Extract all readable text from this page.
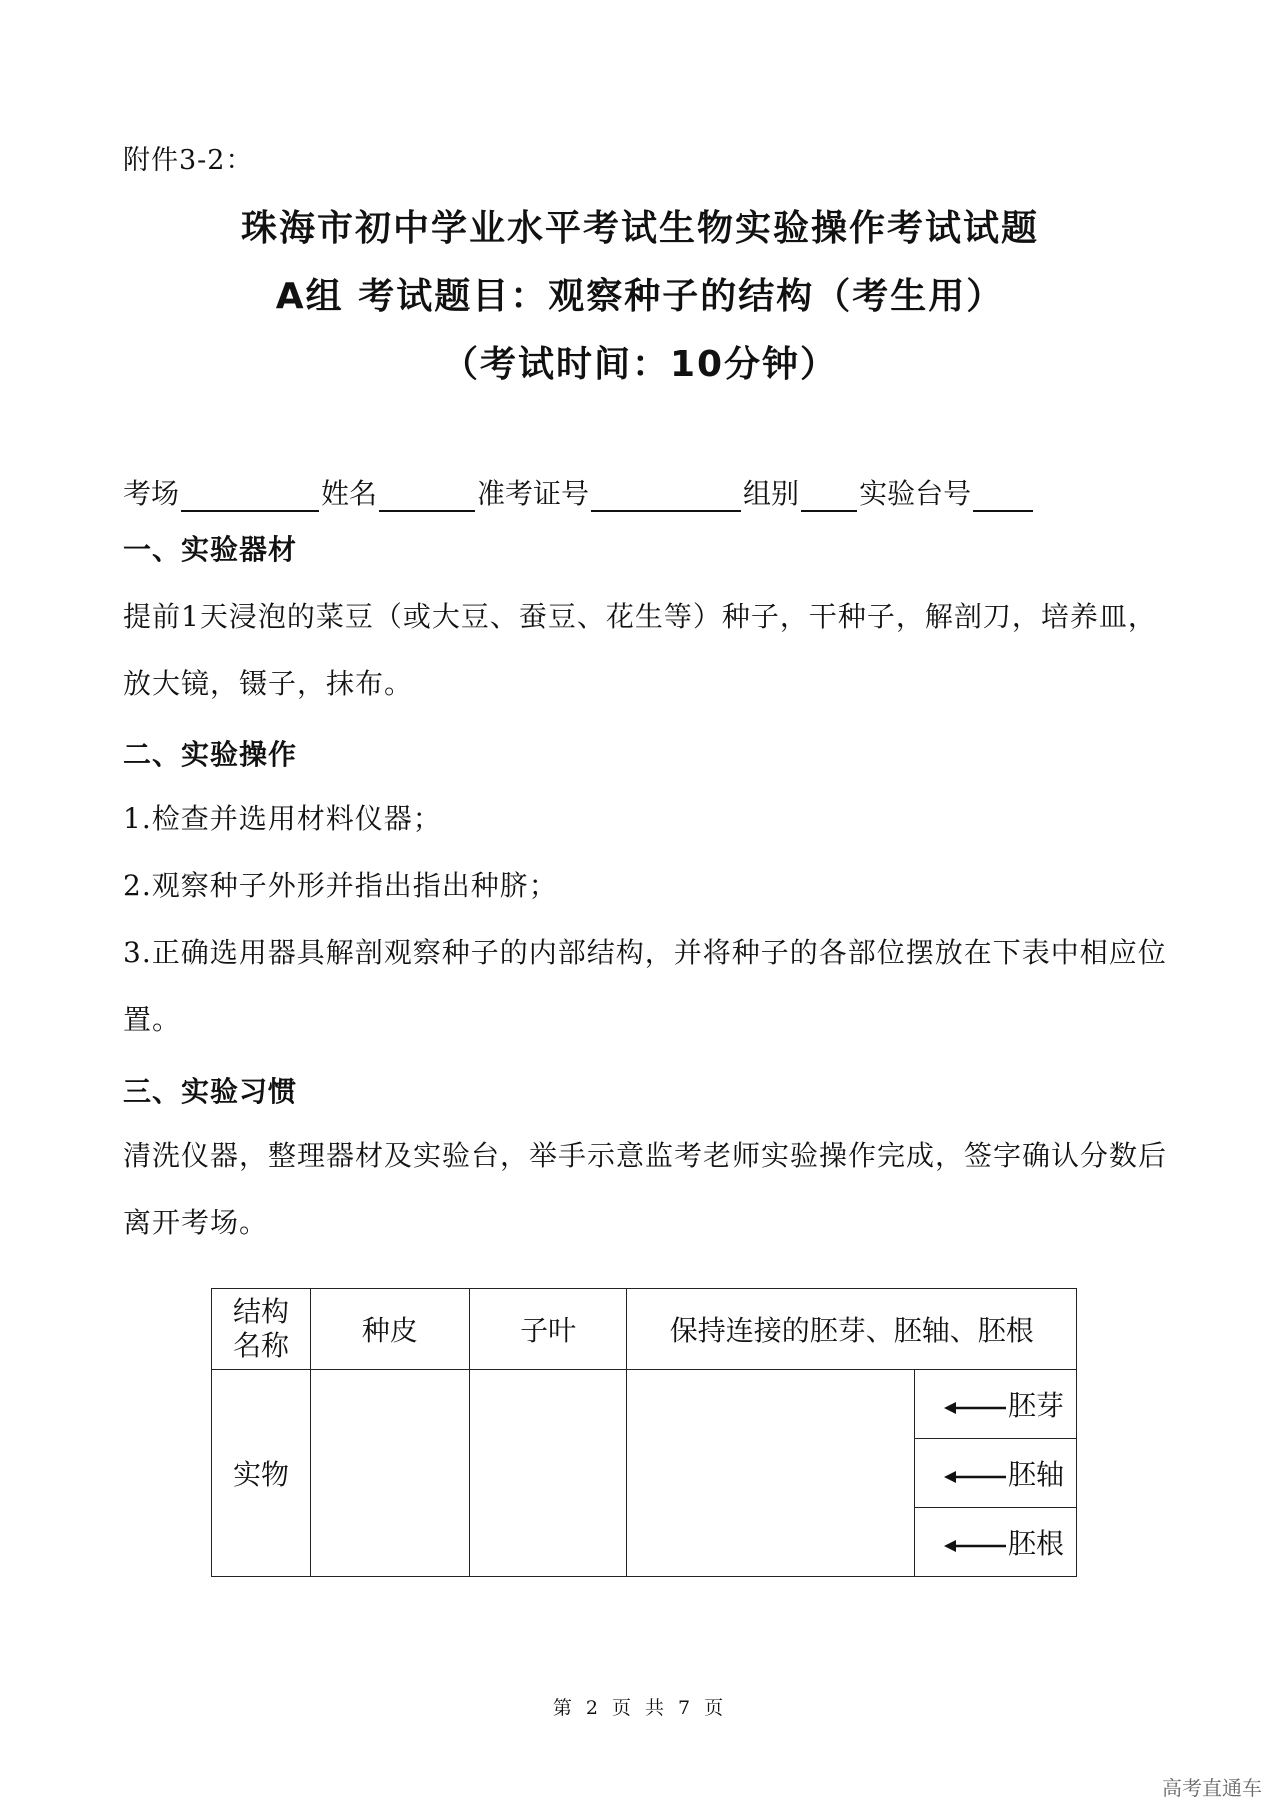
附件3-2：
珠海市初中学业水平考试生物实验操作考试试题
A组 考试题目：观察种子的结构（考生用）
（考试时间：10分钟）
考场	姓名	准考证号	组别 实验台号
一、实验器材
提前1天浸泡的菜豆（或大豆、蚕豆、花生等）种子，干种子，解剖刀，培养皿，放大镜，镊子，抹布。
二、实验操作
1.检查并选用材料仪器；
2.观察种子外形并指出指出种脐；
3.正确选用器具解剖观察种子的内部结构，并将种子的各部位摆放在下表中相应位置。
三、实验习惯
清洗仪器，整理器材及实验台，举手示意监考老师实验操作完成，签字确认分数后离开考场。
结构
名称	种皮	子叶	保持连接的胚芽、胚轴、胚根	
实物				胚芽
				胚轴
				胚根
第 2 页 共 7 页
高考直通车
